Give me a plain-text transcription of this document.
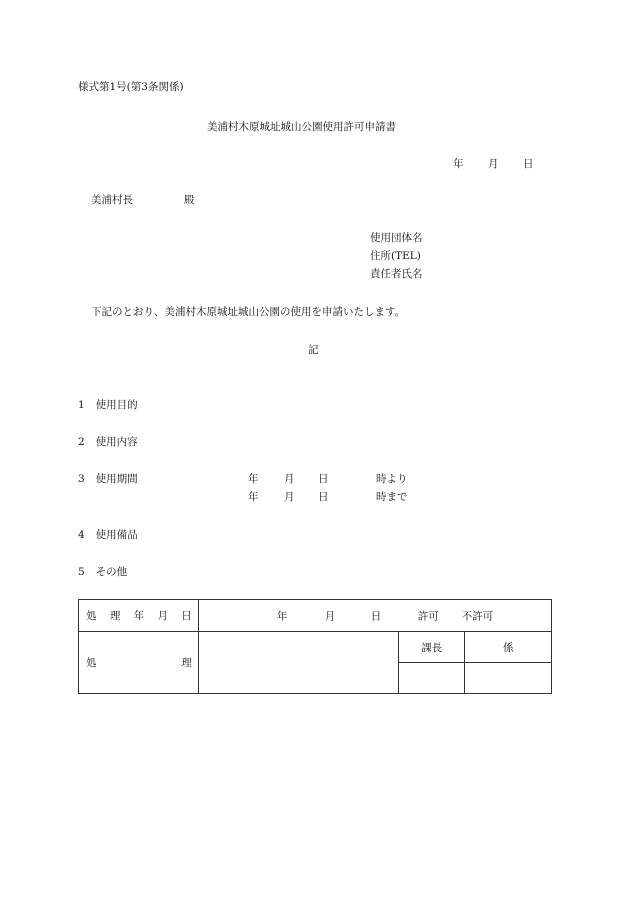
様式第1号(第3条関係)
美浦村木原城址城山公園使用許可申請書
年 月 日
美浦村長	殿
使用団体名
住所(TEL)
責任者氏名
下記のとおり、美浦村木原城址城山公園の使用を申請いたします。
記
1 使用目的
2 使用内容
3 使用期間
4 使用備品
5 その他
年 月 日	時より
年 月 日	時まで
処 理 年 月 日	年 月 日 許可 不許可		

処 理		課長	係
